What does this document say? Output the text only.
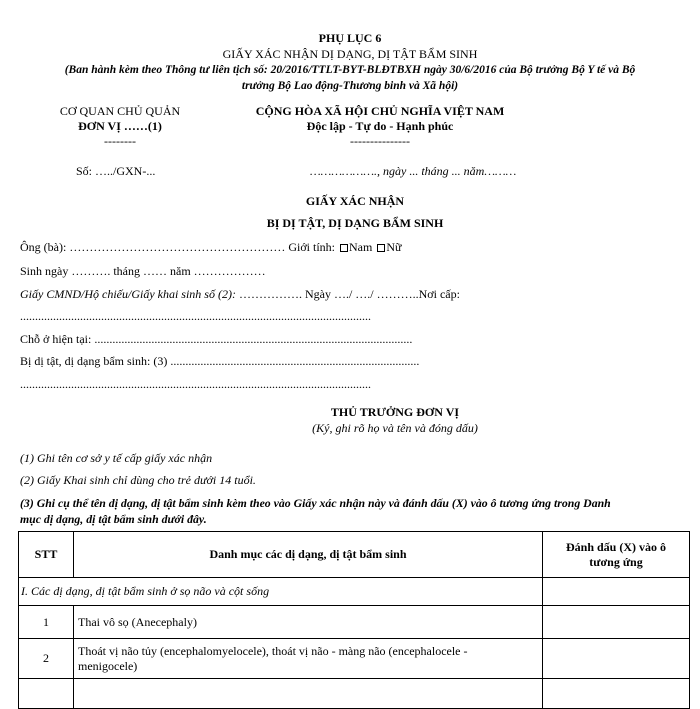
PHỤ LỤC 6
GIẤY XÁC NHẬN DỊ DẠNG, DỊ TẬT BẨM SINH
(Ban hành kèm theo Thông tư liên tịch số: 20/2016/TTLT-BYT-BLĐTBXH ngày 30/6/2016 của Bộ trưởng Bộ Y tế và Bộ
trưởng Bộ Lao động-Thương binh và Xã hội)
CƠ QUAN CHỦ QUẢN
ĐƠN VỊ ……(1)
--------
Số: …../GXN-...
CỘNG HÒA XÃ HỘI CHỦ NGHĨA VIỆT NAM
Độc lập - Tự do - Hạnh phúc
---------------
………………., ngày ... tháng ... năm………
GIẤY XÁC NHẬN
BỊ DỊ TẬT, DỊ DẠNG BẨM SINH
Ông (bà): ……………………………………………… Giới tính: Nam Nữ
Sinh ngày ………. tháng …… năm ………………
Giấy CMND/Hộ chiếu/Giấy khai sinh số (2): ……………. Ngày …./ …./ ………..Nơi cấp:
.....................................................................................................................
Chỗ ở hiện tại: ..........................................................................................................
Bị dị tật, dị dạng bẩm sinh: (3) ...................................................................................
.....................................................................................................................
THỦ TRƯỞNG ĐƠN VỊ
(Ký, ghi rõ họ và tên và đóng dấu)
(1) Ghi tên cơ sở y tế cấp giấy xác nhận
(2) Giấy Khai sinh chỉ dùng cho trẻ dưới 14 tuổi.
(3) Ghi cụ thể tên dị dạng, dị tật bẩm sinh kèm theo vào Giấy xác nhận này và đánh dấu (X) vào ô tương ứng trong Danh
mục dị dạng, dị tật bẩm sinh dưới đây.
STT	Danh mục các dị dạng, dị tật bẩm sinh	Đánh dấu (X) vào ô
tương ứng
I. Các dị dạng, dị tật bẩm sinh ở sọ não và cột sống		
1	Thai vô sọ (Anecephaly)	
2	Thoát vị não tủy (encephalomyelocele), thoát vị não - màng não (encephalocele -
menigocele)	
